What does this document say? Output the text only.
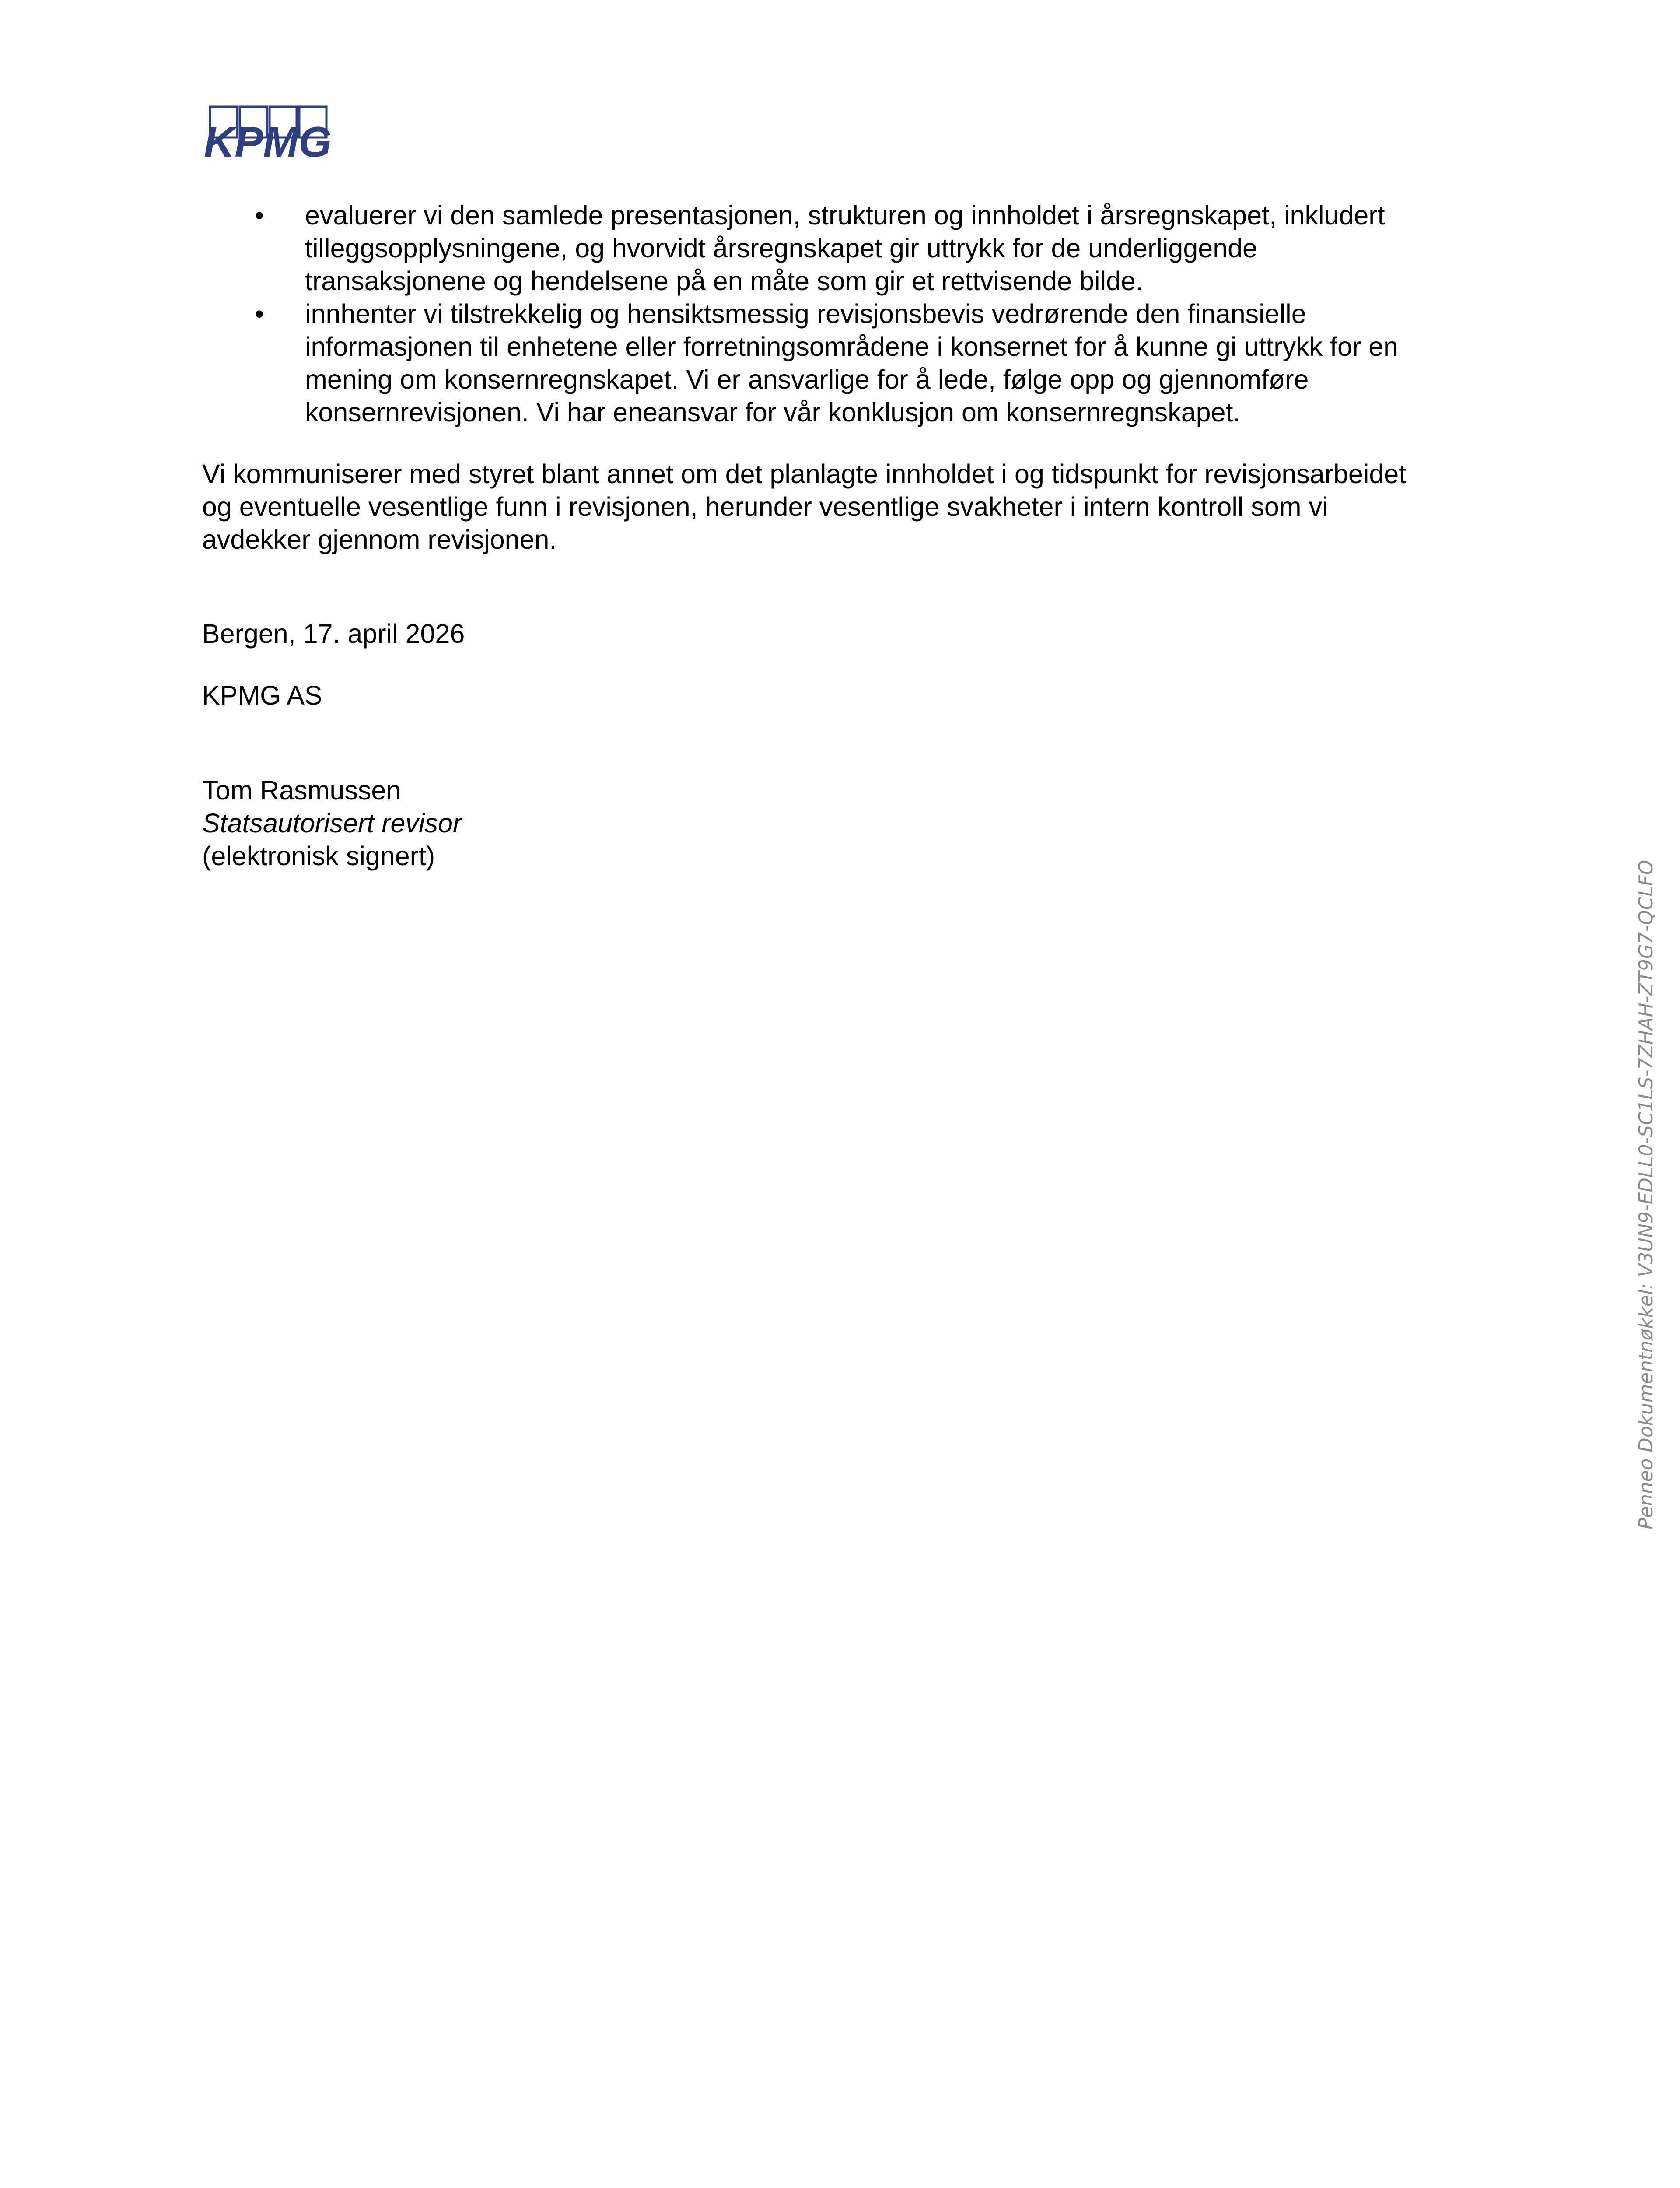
KPMG
• evaluerer vi den samlede presentasjonen, strukturen og innholdet i årsregnskapet, inkludert
tilleggsopplysningene, og hvorvidt årsregnskapet gir uttrykk for de underliggende
transaksjonene og hendelsene på en måte som gir et rettvisende bilde.
• innhenter vi tilstrekkelig og hensiktsmessig revisjonsbevis vedrørende den finansielle
informasjonen til enhetene eller forretningsområdene i konsernet for å kunne gi uttrykk for en
mening om konsernregnskapet. Vi er ansvarlige for å lede, følge opp og gjennomføre
konsernrevisjonen. Vi har eneansvar for vår konklusjon om konsernregnskapet.

Vi kommuniserer med styret blant annet om det planlagte innholdet i og tidspunkt for revisjonsarbeidet
og eventuelle vesentlige funn i revisjonen, herunder vesentlige svakheter i intern kontroll som vi
avdekker gjennom revisjonen.

Bergen, 17. april 2026

KPMG AS

Tom Rasmussen
Statsautorisert revisor
(elektronisk signert)	Penneo Dokumentnøkkel: V3UN9-EDLL0-SC1LS-7ZHAH-ZT9G7-QCLFO
